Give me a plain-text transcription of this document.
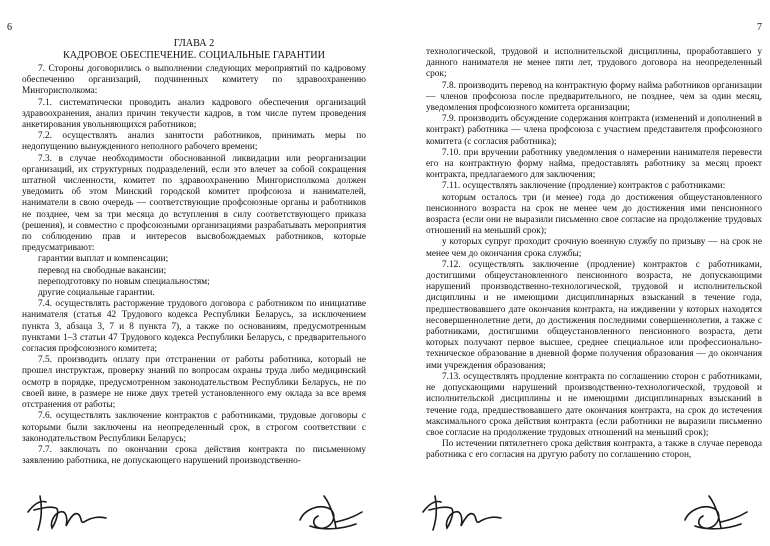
6

ГЛАВА 2

КАДРОВОЕ ОБЕСПЕЧЕНИЕ. СОЦИАЛЬНЫЕ ГАРАНТИИ

7. Стороны договорились о выполнении следующих мероприятий по кадровому обеспечению организаций, подчиненных комитету по здравоохранению Мингорисполкома:

7.1. систематически проводить анализ кадрового обеспечения организаций здравоохранения, анализ причин текучести кадров, в том числе путем проведения анкетирования увольняющихся работников;

7.2. осуществлять анализ занятости работников, принимать меры по недопущению вынужденного неполного рабочего времени;

7.3. в случае необходимости обоснованной ликвидации или реорганизации организаций, их структурных подразделений, если это влечет за собой сокращения штатной численности, комитет по здравоохранению Мингорисполкома должен уведомить об этом Минский городской комитет профсоюза и нанимателей, наниматели в свою очередь — соответствующие профсоюзные органы и работников не позднее, чем за три месяца до вступления в силу соответствующего приказа (решения), и совместно с профсоюзными организациями разрабатывать мероприятия по соблюдению прав и интересов высвобождаемых работников, которые предусматривают:

гарантии выплат и компенсации;

перевод на свободные вакансии;

переподготовку по новым специальностям;

другие социальные гарантии.

7.4. осуществлять расторжение трудового договора с работником по инициативе нанимателя (статья 42 Трудового кодекса Республики Беларусь, за исключением пункта 3, абзаца 3, 7 и 8 пункта 7), а также по основаниям, предусмотренным пунктами 1–3 статьи 47 Трудового кодекса Республики Беларусь, с предварительного согласия профсоюзного комитета;

7.5. производить оплату при отстранении от работы работника, который не прошел инструктаж, проверку знаний по вопросам охраны труда либо медицинский осмотр в порядке, предусмотренном законодательством Республики Беларусь, не по своей вине, в размере не ниже двух третей установленного ему оклада за все время отстранения от работы;

7.6. осуществлять заключение контрактов с работниками, трудовые договоры с которыми были заключены на неопределенный срок, в строгом соответствии с законодательством Республики Беларусь;

7.7. заключать по окончании срока действия контракта по письменному заявлению работника, не допускающего нарушений производственно-

7

технологической, трудовой и исполнительской дисциплины, проработавшего у данного нанимателя не менее пяти лет, трудового договора на неопределенный срок;

7.8. производить перевод на контрактную форму найма работников организации — членов профсоюза после предварительного, не позднее, чем за один месяц, уведомления профсоюзного комитета организации;

7.9. производить обсуждение содержания контракта (изменений и дополнений в контракт) работника — члена профсоюза с участием представителя профсоюзного комитета (с согласия работника);

7.10. при вручении работнику уведомления о намерении нанимателя перевести его на контрактную форму найма, предоставлять работнику за месяц проект контракта, предлагаемого для заключения;

7.11. осуществлять заключение (продление) контрактов с работниками:

которым осталось три (и менее) года до достижения общеустановленного пенсионного возраста на срок не менее чем до достижения ими пенсионного возраста (если они не выразили письменно свое согласие на продолжение трудовых отношений на меньший срок);

у которых супруг проходит срочную военную службу по призыву — на срок не менее чем до окончания срока службы;

7.12. осуществлять заключение (продление) контрактов с работниками, достигшими общеустановленного пенсионного возраста, не допускающими нарушений производственно-технологической, трудовой и исполнительской дисциплины и не имеющими дисциплинарных взысканий в течение года, предшествовавшего дате окончания контракта, на иждивении у которых находятся несовершеннолетние дети, до достижения последними совершеннолетия, а также с работниками, достигшими общеустановленного пенсионного возраста, дети которых получают первое высшее, среднее специальное или профессионально-техническое образование в дневной форме получения образования — до окончания ими учреждения образования;

7.13. осуществлять продление контракта по соглашению сторон с работниками, не допускающими нарушений производственно-технологической, трудовой и исполнительской дисциплины и не имеющими дисциплинарных взысканий в течение года, предшествовавшего дате окончания контракта, на срок до истечения максимального срока действия контракта (если работники не выразили письменно свое согласие на продолжение трудовых отношений на меньший срок);

По истечении пятилетнего срока действия контракта, а также в случае перевода работника с его согласия на другую работу по соглашению сторон,
